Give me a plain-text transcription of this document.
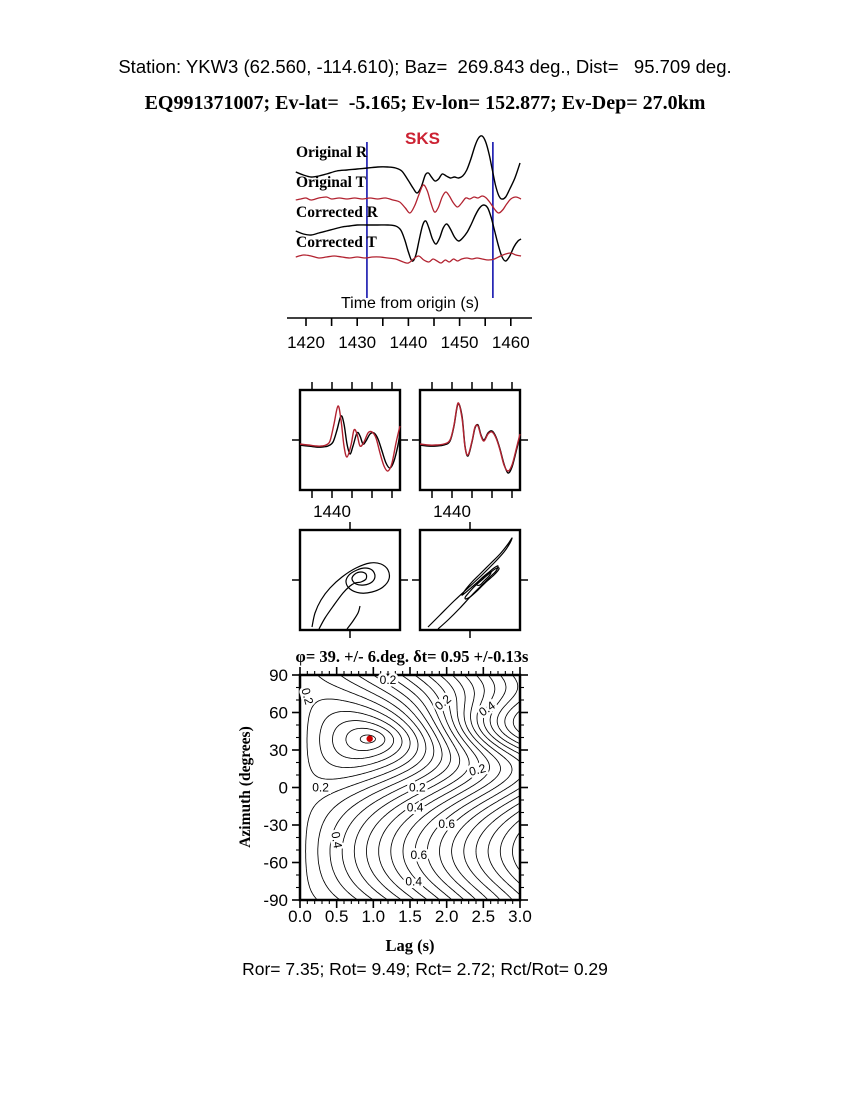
Station: YKW3 (62.560, -114.610); Baz=  269.843 deg., Dist=   95.709 deg.
EQ991371007; Ev-lat=  -5.165; Ev-lon= 152.877; Ev-Dep= 27.0km
1420 1430 1440 1450 1460
Original R
Original T
Corrected R
Corrected T
SKS
Time from origin (s)
1440	1440
φ= 39. +/- 6.deg. δt= 0.95 +/-0.13s
0.0 0.5 1.0 1.5 2.0 2.5 3.0
90
60
30
0
-30
-60
-90
0.2
0.2	0.2 0.4
0.2
0.2	0.2
0.4
0.6
0.4
0.6
0.4
Azimuth (degrees)
Lag (s)
Ror= 7.35; Rot= 9.49; Rct= 2.72; Rct/Rot= 0.29
